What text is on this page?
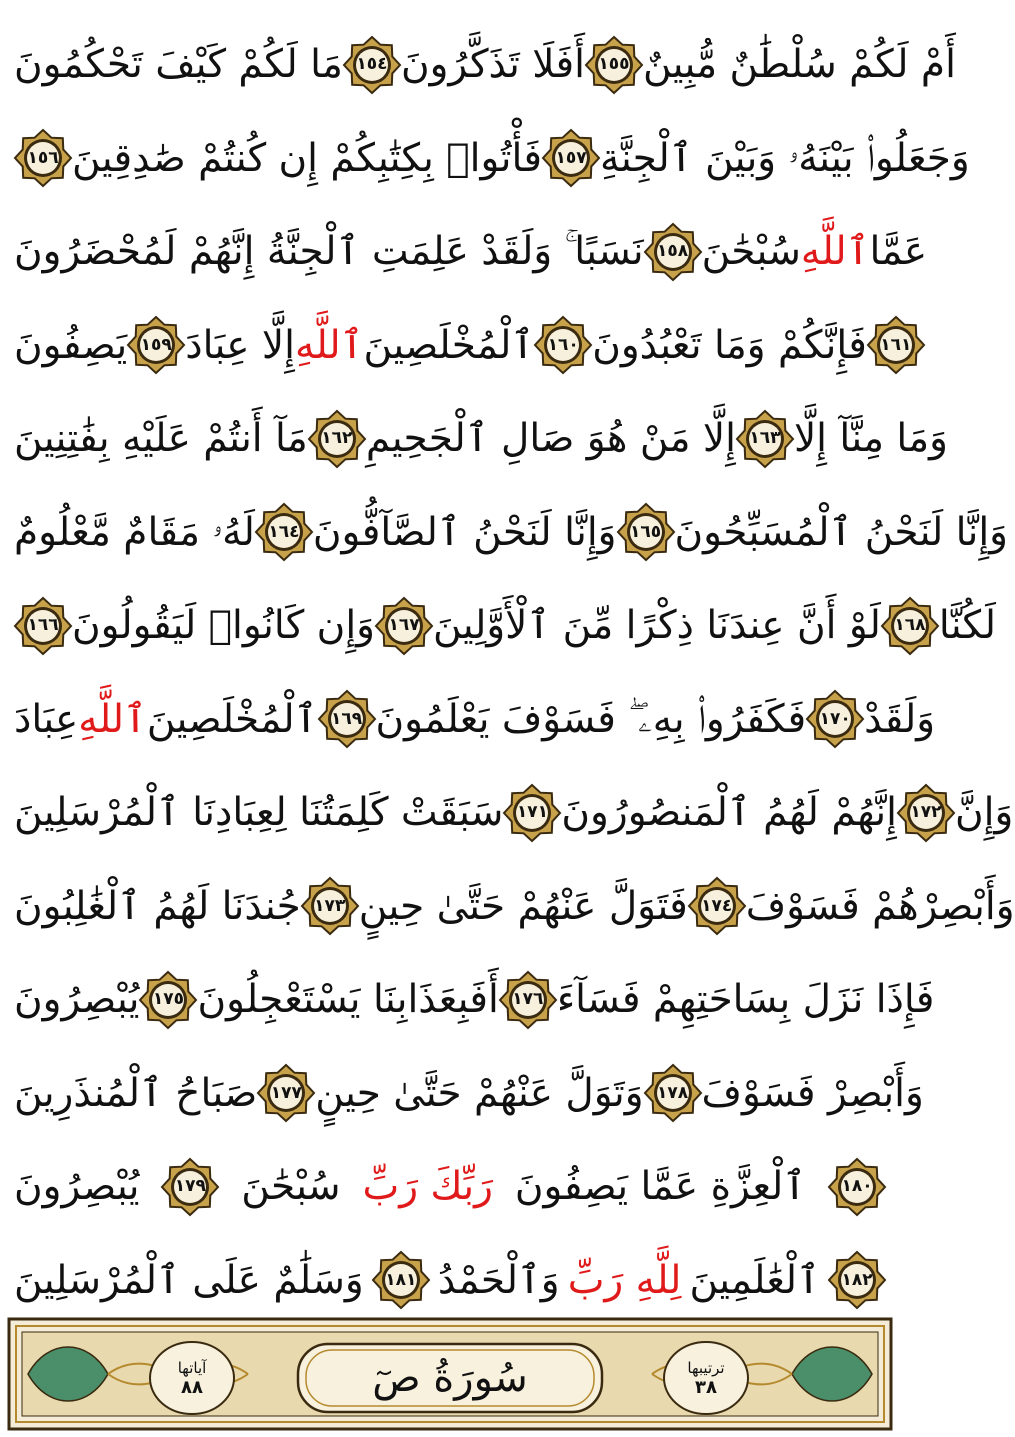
مَا لَكُمْ كَيْفَ تَحْكُمُونَ ١٥٤ أَفَلَا تَذَكَّرُونَ ١٥٥ أَمْ لَكُمْ سُلْطَٰنٌ مُّبِينٌ
١٥٦ فَأْتُوا۟ بِكِتَٰبِكُمْ إِن كُنتُمْ صَٰدِقِينَ ١٥٧ وَجَعَلُوا۟ بَيْنَهُۥ وَبَيْنَ ٱلْجِنَّةِ
نَسَبًا ۚ وَلَقَدْ عَلِمَتِ ٱلْجِنَّةُ إِنَّهُمْ لَمُحْضَرُونَ ١٥٨ سُبْحَٰنَ ٱللَّهِ عَمَّا
يَصِفُونَ ١٥٩ إِلَّا عِبَادَ ٱللَّهِ ٱلْمُخْلَصِينَ ١٦٠ فَإِنَّكُمْ وَمَا تَعْبُدُونَ ١٦١
مَآ أَنتُمْ عَلَيْهِ بِفَٰتِنِينَ ١٦٢ إِلَّا مَنْ هُوَ صَالِ ٱلْجَحِيمِ ١٦٣ وَمَا مِنَّآ إِلَّا
لَهُۥ مَقَامٌ مَّعْلُومٌ ١٦٤ وَإِنَّا لَنَحْنُ ٱلصَّآفُّونَ ١٦٥ وَإِنَّا لَنَحْنُ ٱلْمُسَبِّحُونَ
١٦٦ وَإِن كَانُوا۟ لَيَقُولُونَ ١٦٧ لَوْ أَنَّ عِندَنَا ذِكْرًا مِّنَ ٱلْأَوَّلِينَ ١٦٨ لَكُنَّا
عِبَادَ ٱللَّهِ ٱلْمُخْلَصِينَ ١٦٩ فَكَفَرُوا۟ بِهِۦ ۖ فَسَوْفَ يَعْلَمُونَ ١٧٠ وَلَقَدْ
سَبَقَتْ كَلِمَتُنَا لِعِبَادِنَا ٱلْمُرْسَلِينَ ١٧١ إِنَّهُمْ لَهُمُ ٱلْمَنصُورُونَ ١٧٢ وَإِنَّ
جُندَنَا لَهُمُ ٱلْغَٰلِبُونَ ١٧٣ فَتَوَلَّ عَنْهُمْ حَتَّىٰ حِينٍ ١٧٤ وَأَبْصِرْهُمْ فَسَوْفَ
يُبْصِرُونَ ١٧٥ أَفَبِعَذَابِنَا يَسْتَعْجِلُونَ ١٧٦ فَإِذَا نَزَلَ بِسَاحَتِهِمْ فَسَآءَ
صَبَاحُ ٱلْمُنذَرِينَ ١٧٧ وَتَوَلَّ عَنْهُمْ حَتَّىٰ حِينٍ ١٧٨ وَأَبْصِرْ فَسَوْفَ
يُبْصِرُونَ	١٧٩ سُبْحَٰنَ رَبِّكَ رَبِّ ٱلْعِزَّةِ عَمَّا يَصِفُونَ	١٨٠
وَسَلَٰمٌ عَلَى ٱلْمُرْسَلِينَ	١٨١ وَٱلْحَمْدُ لِلَّهِ رَبِّ ٱلْعَٰلَمِينَ	١٨٢
آياتها
٨٨	سُورَةُ صٓ	ترتيبها
٣٨
